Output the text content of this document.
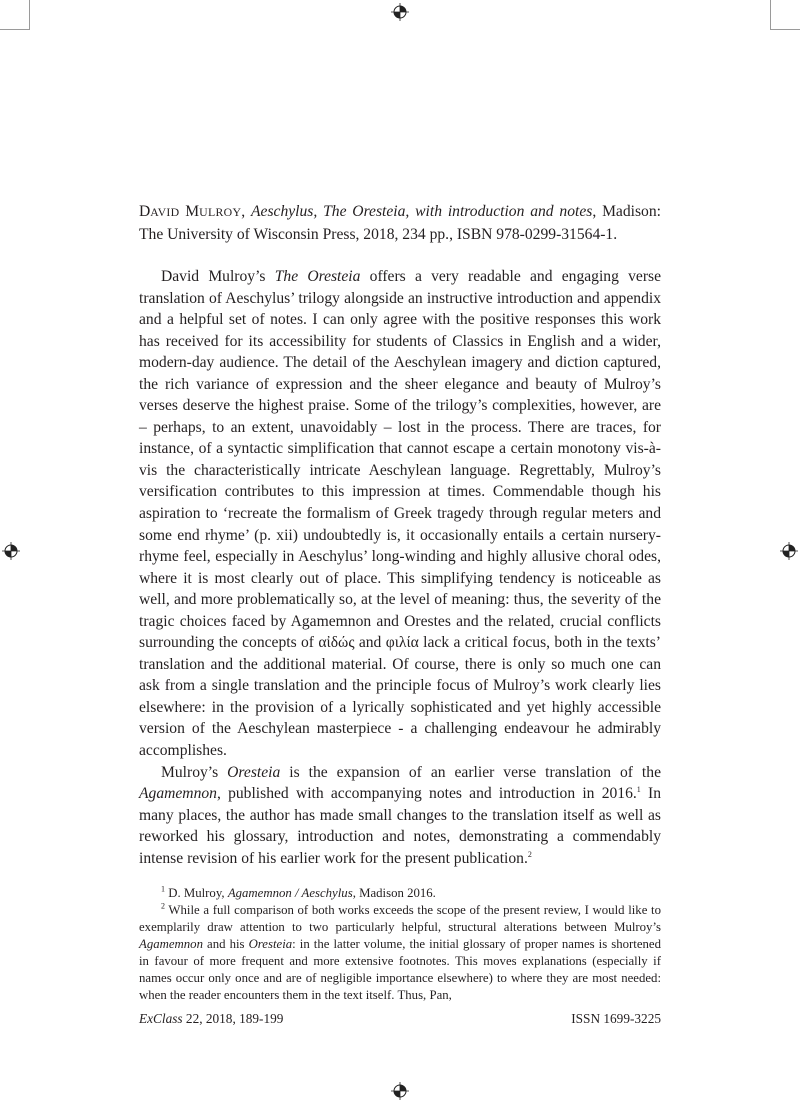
DAVID MULROY, Aeschylus, The Oresteia, with introduction and notes, Madison: The University of Wisconsin Press, 2018, 234 pp., ISBN 978-0299-31564-1.

David Mulroy’s The Oresteia offers a very readable and engaging verse translation of Aeschylus’ trilogy alongside an instructive introduction and appendix and a helpful set of notes. I can only agree with the positive responses this work has received for its accessibility for students of Classics in English and a wider, modern-day audience. The detail of the Aeschylean imagery and diction captured, the rich variance of expression and the sheer elegance and beauty of Mulroy’s verses deserve the highest praise. Some of the trilogy’s complexities, however, are – perhaps, to an extent, unavoidably – lost in the process. There are traces, for instance, of a syntactic simplification that cannot escape a certain monotony vis-à-vis the characteristically intricate Aeschylean language. Regrettably, Mulroy’s versification contributes to this impression at times. Commendable though his aspiration to ‘recreate the formalism of Greek tragedy through regular meters and some end rhyme’ (p. xii) undoubtedly is, it occasionally entails a certain nursery-rhyme feel, especially in Aeschylus’ long-winding and highly allusive choral odes, where it is most clearly out of place. This simplifying tendency is noticeable as well, and more problematically so, at the level of meaning: thus, the severity of the tragic choices faced by Agamemnon and Orestes and the related, crucial conflicts surrounding the concepts of αἰδώς and φιλία lack a critical focus, both in the texts’ translation and the additional material. Of course, there is only so much one can ask from a single translation and the principle focus of Mulroy’s work clearly lies elsewhere: in the provision of a lyrically sophisticated and yet highly accessible version of the Aeschylean masterpiece - a challenging endeavour he admirably accomplishes.

Mulroy’s Oresteia is the expansion of an earlier verse translation of the Agamemnon, published with accompanying notes and introduction in 2016.$^1$ In many places, the author has made small changes to the translation itself as well as reworked his glossary, introduction and notes, demonstrating a commendably intense revision of his earlier work for the present publication.$^2$

$^1$ D. Mulroy, Agamemnon / Aeschylus, Madison 2016.

$^2$ While a full comparison of both works exceeds the scope of the present review, I would like to exemplarily draw attention to two particularly helpful, structural alterations between Mulroy’s Agamemnon and his Oresteia: in the latter volume, the initial glossary of proper names is shortened in favour of more frequent and more extensive footnotes. This moves explanations (especially if names occur only once and are of negligible importance elsewhere) to where they are most needed: when the reader encounters them in the text itself. Thus, Pan,

ExClass 22, 2018, 189-199	ISSN 1699-3225
